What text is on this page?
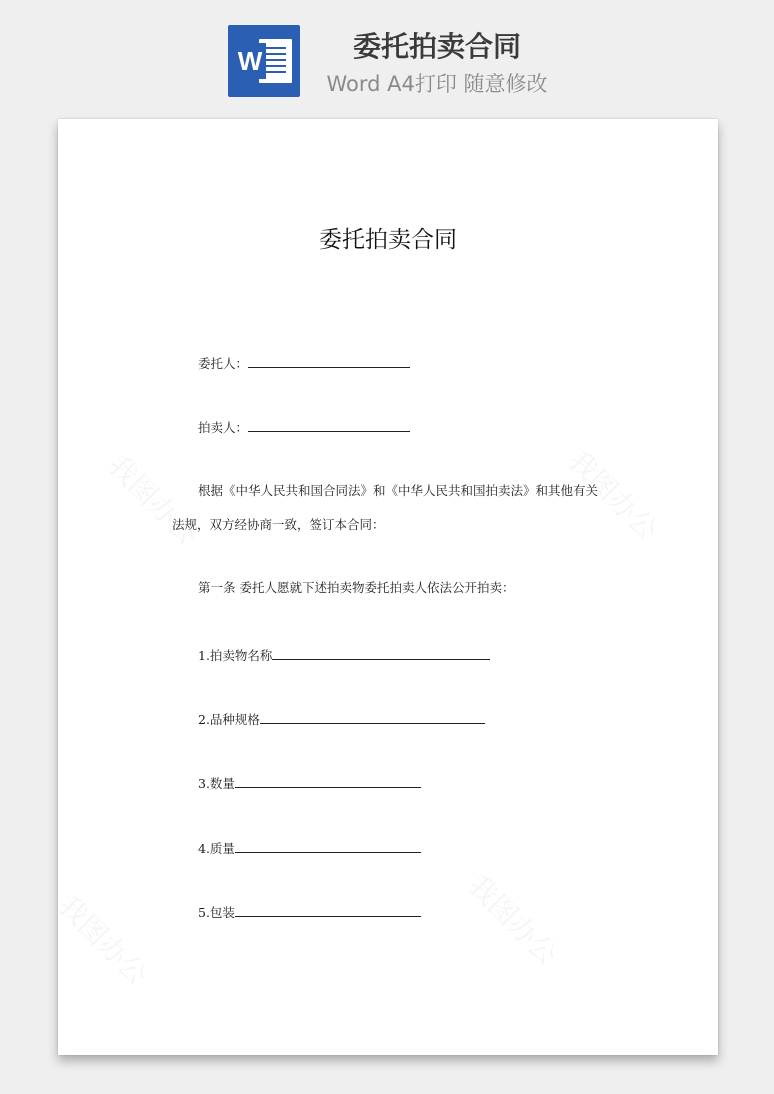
W	委托拍卖合同
Word A4打印 随意修改
委托拍卖合同
委托人：
拍卖人：
根据《中华人民共和国合同法》和《中华人民共和国拍卖法》和其他有关
法规，双方经协商一致，签订本合同：
第一条 委托人愿就下述拍卖物委托拍卖人依法公开拍卖：
1.拍卖物名称
2.品种规格
3.数量
4.质量
5.包装
